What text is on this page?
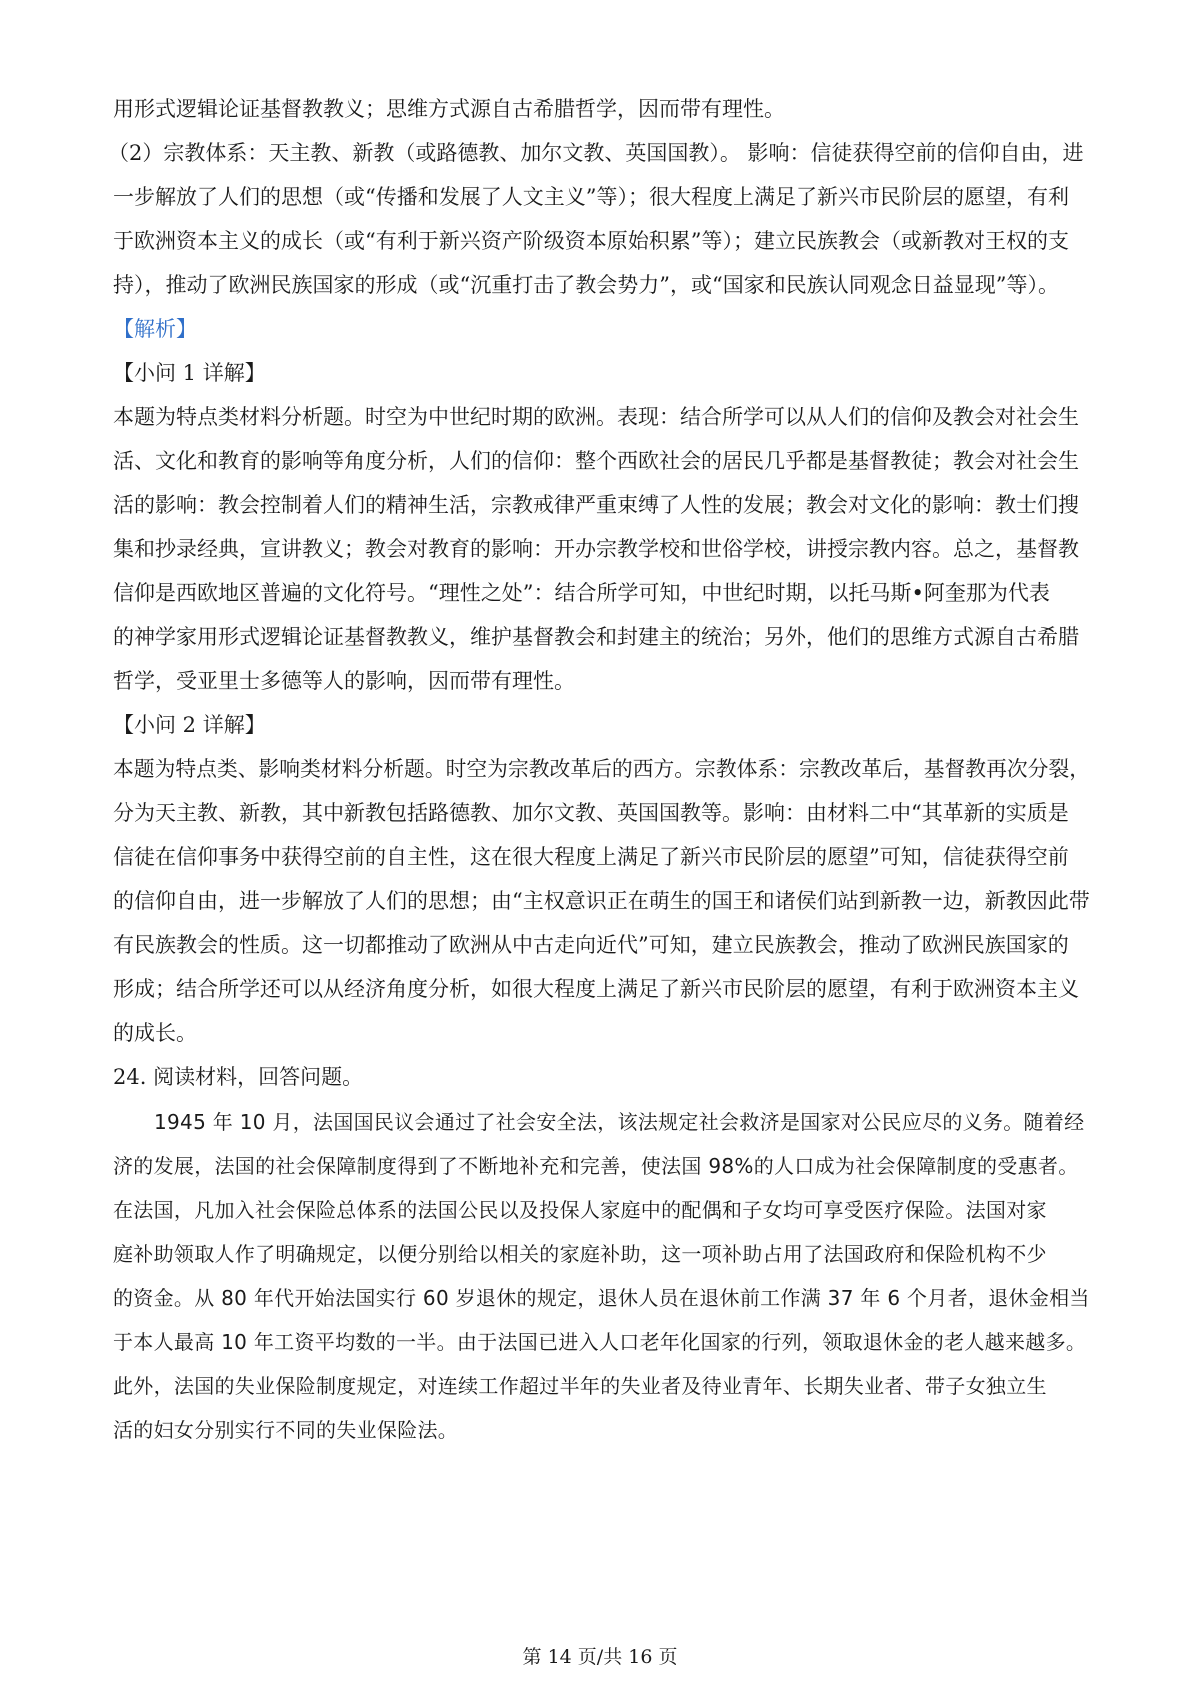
用形式逻辑论证基督教教义；思维方式源自古希腊哲学，因而带有理性。
（2）宗教体系：天主教、新教（或路德教、加尔文教、英国国教）。 影响：信徒获得空前的信仰自由，进
一步解放了人们的思想（或“传播和发展了人文主义”等）；很大程度上满足了新兴市民阶层的愿望，有利
于欧洲资本主义的成长（或“有利于新兴资产阶级资本原始积累”等）；建立民族教会（或新教对王权的支
持），推动了欧洲民族国家的形成（或“沉重打击了教会势力”，或“国家和民族认同观念日益显现”等）。
【解析】
【小问 1 详解】
本题为特点类材料分析题。时空为中世纪时期的欧洲。表现：结合所学可以从人们的信仰及教会对社会生
活、文化和教育的影响等角度分析，人们的信仰：整个西欧社会的居民几乎都是基督教徒；教会对社会生
活的影响：教会控制着人们的精神生活，宗教戒律严重束缚了人性的发展；教会对文化的影响：教士们搜
集和抄录经典，宣讲教义；教会对教育的影响：开办宗教学校和世俗学校，讲授宗教内容。总之，基督教
信仰是西欧地区普遍的文化符号。“理性之处”：结合所学可知，中世纪时期，以托马斯•阿奎那为代表
的神学家用形式逻辑论证基督教教义，维护基督教会和封建主的统治；另外，他们的思维方式源自古希腊
哲学，受亚里士多德等人的影响，因而带有理性。
【小问 2 详解】
本题为特点类、影响类材料分析题。时空为宗教改革后的西方。宗教体系：宗教改革后，基督教再次分裂，
分为天主教、新教，其中新教包括路德教、加尔文教、英国国教等。影响：由材料二中“其革新的实质是
信徒在信仰事务中获得空前的自主性，这在很大程度上满足了新兴市民阶层的愿望”可知，信徒获得空前
的信仰自由，进一步解放了人们的思想；由“主权意识正在萌生的国王和诸侯们站到新教一边，新教因此带
有民族教会的性质。这一切都推动了欧洲从中古走向近代”可知，建立民族教会，推动了欧洲民族国家的
形成；结合所学还可以从经济角度分析，如很大程度上满足了新兴市民阶层的愿望，有利于欧洲资本主义
的成长。
24. 阅读材料，回答问题。
1945 年 10 月，法国国民议会通过了社会安全法，该法规定社会救济是国家对公民应尽的义务。随着经
济的发展，法国的社会保障制度得到了不断地补充和完善，使法国 98%的人口成为社会保障制度的受惠者。
在法国，凡加入社会保险总体系的法国公民以及投保人家庭中的配偶和子女均可享受医疗保险。法国对家
庭补助领取人作了明确规定，以便分别给以相关的家庭补助，这一项补助占用了法国政府和保险机构不少
的资金。从 80 年代开始法国实行 60 岁退休的规定，退休人员在退休前工作满 37 年 6 个月者，退休金相当
于本人最高 10 年工资平均数的一半。由于法国已进入人口老年化国家的行列，领取退休金的老人越来越多。
此外，法国的失业保险制度规定，对连续工作超过半年的失业者及待业青年、长期失业者、带子女独立生
活的妇女分别实行不同的失业保险法。
第 14 页/共 16 页
